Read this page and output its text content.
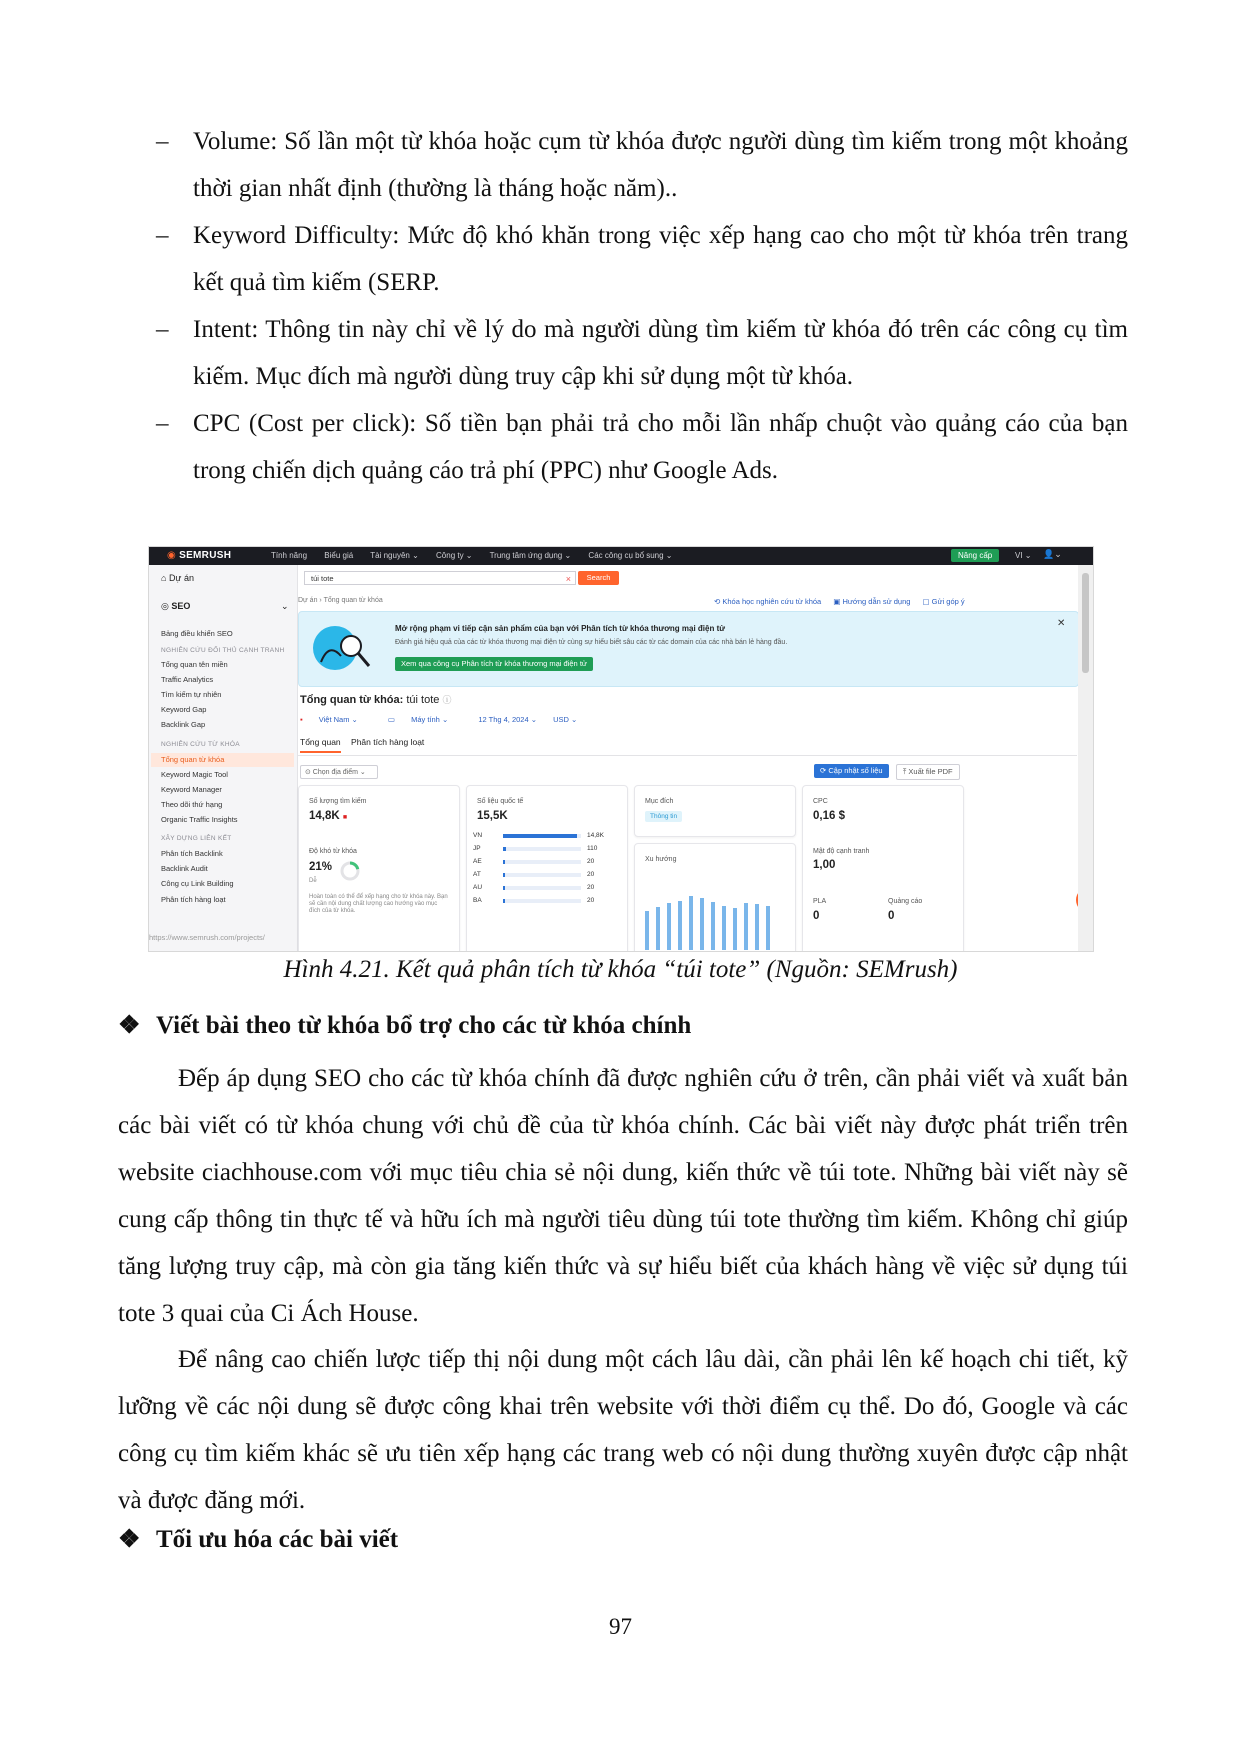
– Volume: Số lần một từ khóa hoặc cụm từ khóa được người dùng tìm kiếm trong một khoảng thời gian nhất định (thường là tháng hoặc năm)..
– Keyword Difficulty: Mức độ khó khăn trong việc xếp hạng cao cho một từ khóa trên trang kết quả tìm kiếm (SERP.
– Intent: Thông tin này chỉ về lý do mà người dùng tìm kiếm từ khóa đó trên các công cụ tìm kiếm. Mục đích mà người dùng truy cập khi sử dụng một từ khóa.
– CPC (Cost per click): Số tiền bạn phải trả cho mỗi lần nhấp chuột vào quảng cáo của bạn trong chiến dịch quảng cáo trả phí (PPC) như Google Ads.
◉ SEMRUSH	Tính năng Biểu giá Tài nguyên ⌄ Công ty ⌄ Trung tâm ứng dụng ⌄ Các công cụ bổ sung ⌄	Nâng cấp	VI ⌄ 👤⌄
⌂ Dự án
◎ SEO	⌄
Bảng điều khiển SEO
NGHIÊN CỨU ĐỐI THỦ CẠNH TRANH
Tổng quan tên miền
Traffic Analytics
Tìm kiếm tự nhiên
Keyword Gap
Backlink Gap
NGHIÊN CỨU TỪ KHÓA
Tổng quan từ khóa
Keyword Magic Tool
Keyword Manager
Theo dõi thứ hạng
Organic Traffic Insights
XÂY DỰNG LIÊN KẾT
Phân tích Backlink
Backlink Audit
Công cụ Link Building
Phân tích hàng loạt
https://www.semrush.com/projects/
túi tote	×	Search
Dự án › Tổng quan từ khóa	⟲ Khóa học nghiên cứu từ khóa ▣ Hướng dẫn sử dụng ▢ Gửi góp ý
Mở rộng phạm vi tiếp cận sản phẩm của bạn với Phân tích từ khóa thương mại điện tử
Đánh giá hiệu quả của các từ khóa thương mại điện tử cùng sự hiểu biết sâu các từ các domain của các nhà bán lẻ hàng đầu.
Xem qua công cụ Phân tích từ khóa thương mại điện tử
✕
Tổng quan từ khóa: túi tote ⓘ
▪ Việt Nam ⌄	▭ Máy tính ⌄	12 Thg 4, 2024 ⌄ USD ⌄
Tổng quan Phân tích hàng loạt
⊙ Chọn địa điểm ⌄	⟳ Cập nhật số liệu	⤒ Xuất file PDF
Số lượng tìm kiếm
14,8K ■
Độ khó từ khóa
21%
Dễ
Hoàn toàn có thể để xếp hạng cho từ khóa này. Bạn sẽ cần nội dung chất lượng cao hướng vào mục đích của từ khóa.
Số liệu quốc tế
15,5K
VN	14,8K
JP	110
AE	20
AT	20
AU	20
BA	20
Mục đích
Thông tin
Xu hướng
CPC
0,16 $
Mật độ cạnh tranh
1,00
PLA
0
Quảng cáo
0
Hình 4.21. Kết quả phân tích từ khóa “túi tote” (Nguồn: SEMrush)
❖ Viết bài theo từ khóa bổ trợ cho các từ khóa chính
Đếp áp dụng SEO cho các từ khóa chính đã được nghiên cứu ở trên, cần phải viết và xuất bản các bài viết có từ khóa chung với chủ đề của từ khóa chính. Các bài viết này được phát triển trên website ciachhouse.com với mục tiêu chia sẻ nội dung, kiến thức về túi tote. Những bài viết này sẽ cung cấp thông tin thực tế và hữu ích mà người tiêu dùng túi tote thường tìm kiếm. Không chỉ giúp tăng lượng truy cập, mà còn gia tăng kiến thức và sự hiểu biết của khách hàng về việc sử dụng túi tote 3 quai của Ci Ách House.
Để nâng cao chiến lược tiếp thị nội dung một cách lâu dài, cần phải lên kế hoạch chi tiết, kỹ lưỡng về các nội dung sẽ được công khai trên website với thời điểm cụ thể. Do đó, Google và các công cụ tìm kiếm khác sẽ ưu tiên xếp hạng các trang web có nội dung thường xuyên được cập nhật và được đăng mới.
❖ Tối ưu hóa các bài viết
97
